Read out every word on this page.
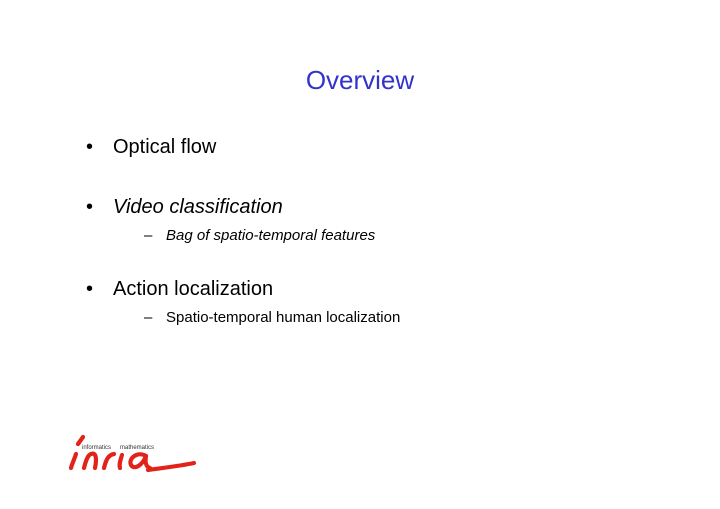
Overview
• Optical flow
• Video classification
– Bag of spatio-temporal features
• Action localization
– Spatio-temporal human localization
informatics mathematics
